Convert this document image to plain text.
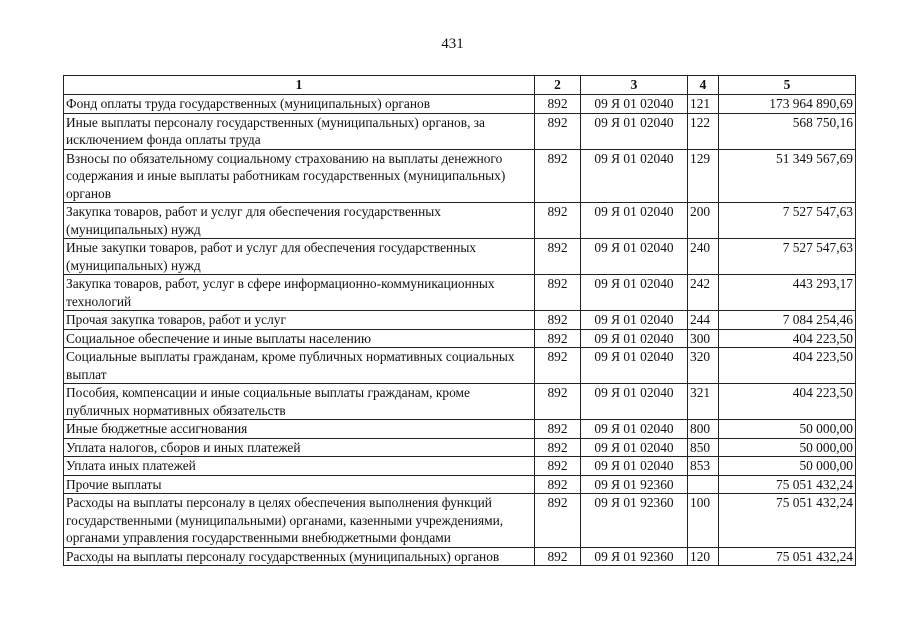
431
1	2	3	4	5
Фонд оплаты труда государственных (муниципальных) органов	892	09 Я 01 02040	121	173 964 890,69
Иные выплаты персоналу государственных (муниципальных) органов, за исключением фонда оплаты труда	892	09 Я 01 02040	122	568 750,16
Взносы по обязательному социальному страхованию на выплаты денежного содержания и иные выплаты работникам государственных (муниципальных) органов	892	09 Я 01 02040	129	51 349 567,69
Закупка товаров, работ и услуг для обеспечения государственных (муниципальных) нужд	892	09 Я 01 02040	200	7 527 547,63
Иные закупки товаров, работ и услуг для обеспечения государственных (муниципальных) нужд	892	09 Я 01 02040	240	7 527 547,63
Закупка товаров, работ, услуг в сфере информационно-коммуникационных технологий	892	09 Я 01 02040	242	443 293,17
Прочая закупка товаров, работ и услуг	892	09 Я 01 02040	244	7 084 254,46
Социальное обеспечение и иные выплаты населению	892	09 Я 01 02040	300	404 223,50
Социальные выплаты гражданам, кроме публичных нормативных социальных выплат	892	09 Я 01 02040	320	404 223,50
Пособия, компенсации и иные социальные выплаты гражданам, кроме публичных нормативных обязательств	892	09 Я 01 02040	321	404 223,50
Иные бюджетные ассигнования	892	09 Я 01 02040	800	50 000,00
Уплата налогов, сборов и иных платежей	892	09 Я 01 02040	850	50 000,00
Уплата иных платежей	892	09 Я 01 02040	853	50 000,00
Прочие выплаты	892	09 Я 01 92360		75 051 432,24
Расходы на выплаты персоналу в целях обеспечения выполнения функций государственными (муниципальными) органами, казенными учреждениями, органами управления государственными внебюджетными фондами	892	09 Я 01 92360	100	75 051 432,24
Расходы на выплаты персоналу государственных (муниципальных) органов	892	09 Я 01 92360	120	75 051 432,24
